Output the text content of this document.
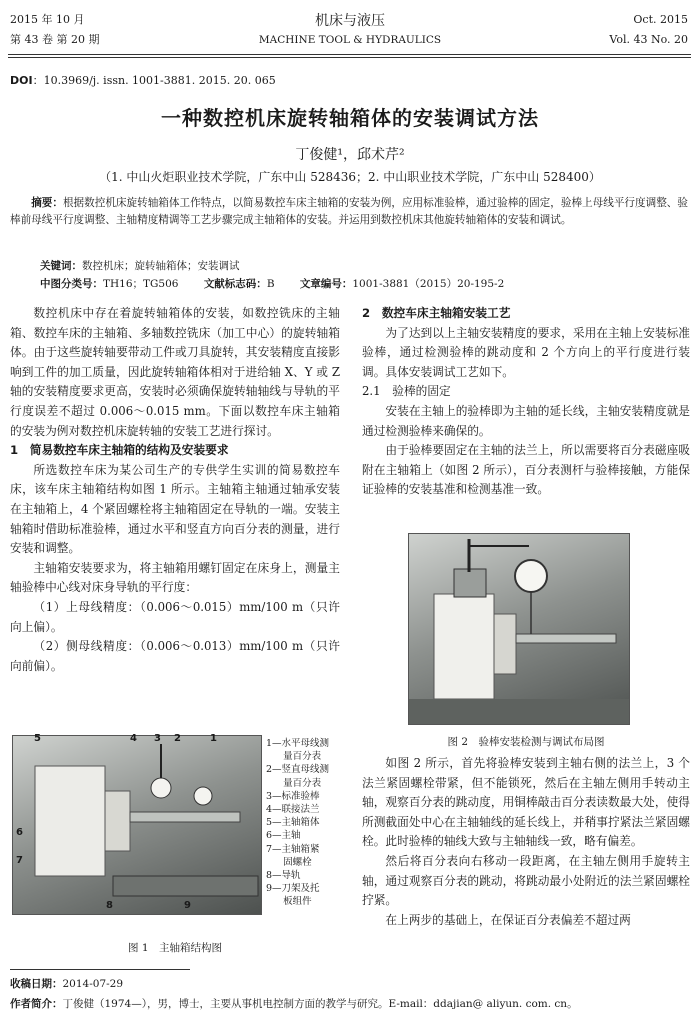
2015 年 10 月
第 43 卷 第 20 期
机床与液压
MACHINE TOOL & HYDRAULICS
Oct. 2015
Vol. 43 No. 20
DOI：10.3969/j. issn. 1001-3881. 2015. 20. 065
一种数控机床旋转轴箱体的安装调试方法
丁俊健¹，邱术芹²
（1. 中山火炬职业技术学院，广东中山 528436；2. 中山职业技术学院，广东中山 528400）
摘要：根据数控机床旋转轴箱体工作特点，以简易数控车床主轴箱的安装为例，应用标准验棒，通过验棒的固定，验棒上母线平行度调整、验棒前母线平行度调整、主轴精度精调等工艺步骤完成主轴箱体的安装。并运用到数控机床其他旋转轴箱体的安装和调试。
关键词：数控机床；旋转轴箱体；安装调试
中图分类号：TH16；TG506 文献标志码：B 文章编号：1001-3881（2015）20-195-2

数控机床中存在着旋转轴箱体的安装，如数控铣床的主轴箱、数控车床的主轴箱、多轴数控铣床（加工中心）的旋转轴箱体。由于这些旋转轴要带动工件或刀具旋转，其安装精度直接影响到工件的加工质量，因此旋转轴箱体相对于进给轴 X、Y 或 Z 轴的安装精度要求更高，安装时必须确保旋转轴轴线与导轨的平行度误差不超过 0.006～0.015 mm。下面以数控车床主轴箱的安装为例对数控机床旋转轴的安装工艺进行探讨。

1　简易数控车床主轴箱的结构及安装要求

所选数控车床为某公司生产的专供学生实训的简易数控车床，该车床主轴箱结构如图 1 所示。主轴箱主轴通过轴承安装在主轴箱上，4 个紧固螺栓将主轴箱固定在导轨的一端。安装主轴箱时借助标准验棒，通过水平和竖直方向百分表的测量，进行安装和调整。

主轴箱安装要求为，将主轴箱用螺钉固定在床身上，测量主轴验棒中心线对床身导轨的平行度：

（1）上母线精度：（0.006～0.015）mm/100 m（只许向上偏）。

（2）侧母线精度：（0.006～0.013）mm/100 m（只许向前偏）。

5	4 3 2	1
6
7
8	9
1—水平母线测
量百分表
2—竖直母线测
量百分表
3—标准验棒
4—联接法兰
5—主轴箱体
6—主轴
7—主轴箱紧
固螺栓
8—导轨
9—刀架及托
板组件
图 1　主轴箱结构图

2　数控车床主轴箱安装工艺

为了达到以上主轴安装精度的要求，采用在主轴上安装标准验棒，通过检测验棒的跳动度和 2 个方向上的平行度进行装调。具体安装调试工艺如下。

2.1　验棒的固定

安装在主轴上的验棒即为主轴的延长线，主轴安装精度就是通过检测验棒来确保的。

由于验棒要固定在主轴的法兰上，所以需要将百分表磁座吸附在主轴箱上（如图 2 所示），百分表测杆与验棒接触，方能保证验棒的安装基准和检测基准一致。

图 2　验棒安装检测与调试布局图

如图 2 所示，首先将验棒安装到主轴右侧的法兰上，3 个法兰紧固螺栓带紧，但不能锁死，然后在主轴左侧用手转动主轴，观察百分表的跳动度，用铜棒敲击百分表读数最大处，使得所测截面处中心在主轴轴线的延长线上，并稍事拧紧法兰紧固螺栓。此时验棒的轴线大致与主轴轴线一致，略有偏差。

然后将百分表向右移动一段距离，在主轴左侧用手旋转主轴，通过观察百分表的跳动，将跳动最小处附近的法兰紧固螺栓拧紧。

在上两步的基础上，在保证百分表偏差不超过两

收稿日期：2014-07-29
作者简介：丁俊健（1974—），男，博士，主要从事机电控制方面的教学与研究。E-mail：ddajian@ aliyun. com. cn。
